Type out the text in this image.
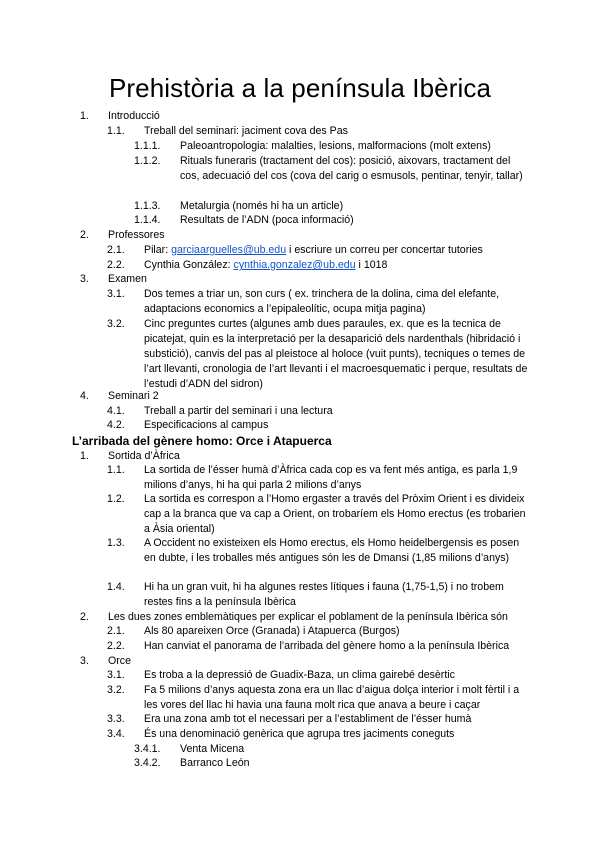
Prehistòria a la península Ibèrica
1. Introducció
1.1. Treball del seminari: jaciment cova des Pas
1.1.1. Paleoantropologia: malalties, lesions, malformacions (molt extens)
1.1.2. Rituals funeraris (tractament del cos): posició, aixovars, tractament del cos, adecuació del cos (cova del carig o esmusols, pentinar, tenyir, tallar)
1.1.3. Metalurgia (només hi ha un article)
1.1.4. Resultats de l’ADN (poca informació)
2. Professores
2.1. Pilar: garciaarguelles@ub.edu i escriure un correu per concertar tutories
2.2. Cynthia González: cynthia.gonzalez@ub.edu i 1018
3. Examen
3.1. Dos temes a triar un, son curs ( ex. trinchera de la dolina, cima del elefante, adaptacions economics a l’epipaleolític, ocupa mitja pagina)
3.2. Cinc preguntes curtes (algunes amb dues paraules, ex. que es la tecnica de picatejat, quin es la interpretació per la desaparició dels nardenthals (hibridació i substició), canvis del pas al pleistoce al holoce (vuit punts), tecniques o temes de l’art llevanti, cronologia de l’art llevanti i el macroesquematic i perque, resultats de l’estudi d’ADN del sidron)
4. Seminari 2
4.1. Treball a partir del seminari i una lectura
4.2. Especificacions al campus
L’arribada del gènere homo: Orce i Atapuerca
1. Sortida d’Àfrica
1.1. La sortida de l’ésser humà d’Àfrica cada cop es va fent més antiga, es parla 1,9 milions d’anys, hi ha qui parla 2 milions d’anys
1.2. La sortida es correspon a l’Homo ergaster a través del Pròxim Orient i es divideix cap a la branca que va cap a Orient, on trobaríem els Homo erectus (es trobarien a Àsia oriental)
1.3. A Occident no existeixen els Homo erectus, els Homo heidelbergensis es posen en dubte, i les troballes més antigues són les de Dmansi (1,85 milions d’anys)
1.4. Hi ha un gran vuit, hi ha algunes restes lítiques i fauna (1,75-1,5) i no trobem restes fins a la península Ibèrica
2. Les dues zones emblemàtiques per explicar el poblament de la península Ibèrica són
2.1. Als 80 apareixen Orce (Granada) i Atapuerca (Burgos)
2.2. Han canviat el panorama de l’arribada del gènere homo a la península Ibèrica
3. Orce
3.1. Es troba a la depressió de Guadix-Baza, un clima gairebé desèrtic
3.2. Fa 5 milions d’anys aquesta zona era un llac d’aigua dolça interior i molt fèrtil i a les vores del llac hi havia una fauna molt rica que anava a beure i caçar
3.3. Era una zona amb tot el necessari per a l’establiment de l’ésser humà
3.4. És una denominació genèrica que agrupa tres jaciments coneguts
3.4.1. Venta Micena
3.4.2. Barranco León
